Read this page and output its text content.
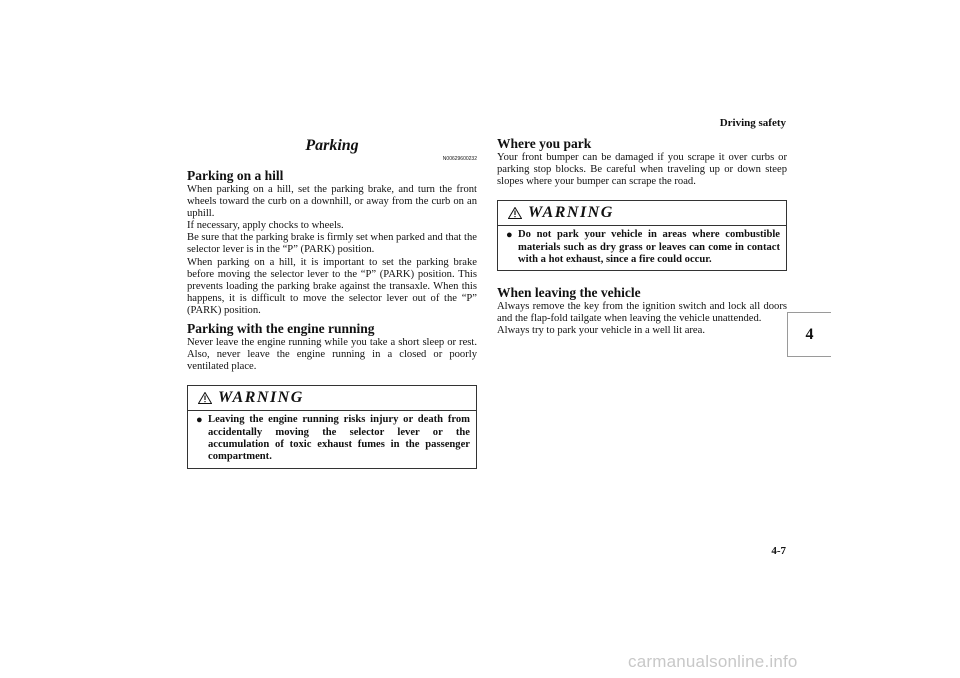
Driving safety
4
Parking
N00629600232
Parking on a hill

When parking on a hill, set the parking brake, and turn the front wheels toward the curb on a downhill, or away from the curb on an uphill.

If necessary, apply chocks to wheels.

Be sure that the parking brake is firmly set when parked and that the selector lever is in the “P” (PARK) position.

When parking on a hill, it is important to set the parking brake before moving the selector lever to the “P” (PARK) position. This prevents loading the parking brake against the transaxle. When this happens, it is difficult to move the selector lever out of the “P” (PARK) position.

Parking with the engine running

Never leave the engine running while you take a short sleep or rest. Also, never leave the engine running in a closed or poorly ventilated place.

WARNING
● Leaving the engine running risks injury or death from accidentally moving the selector lever or the accumulation of toxic exhaust fumes in the passenger compartment.
Where you park

Your front bumper can be damaged if you scrape it over curbs or parking stop blocks. Be careful when traveling up or down steep slopes where your bumper can scrape the road.

WARNING
● Do not park your vehicle in areas where combustible materials such as dry grass or leaves can come in contact with a hot exhaust, since a fire could occur.
When leaving the vehicle

Always remove the key from the ignition switch and lock all doors and the flap-fold tailgate when leaving the vehicle unattended.

Always try to park your vehicle in a well lit area.

4-7
carmanualsonline.info
